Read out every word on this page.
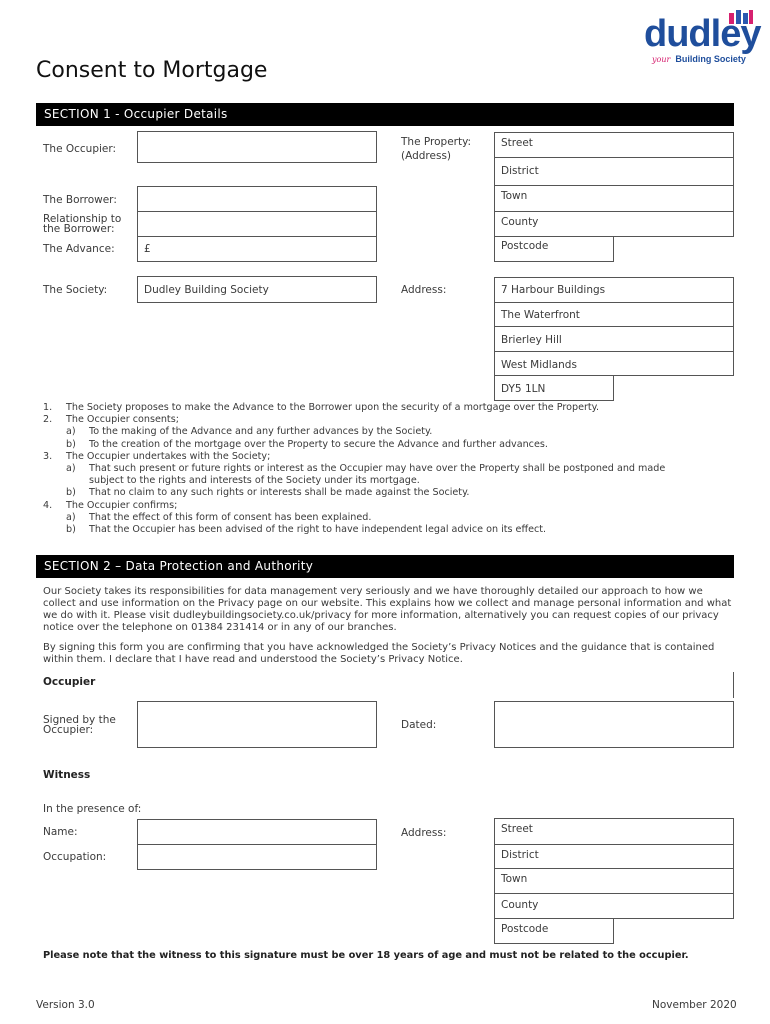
dudley
your Building Society
Consent to Mortgage
SECTION 1 - Occupier Details
The Occupier:
The Borrower:
Relationship to
the Borrower:
The Advance:	£
The Society:	Dudley Building Society
The Property:
(Address)
Street
District
Town
County
Postcode
Address:	7 Harbour Buildings
The Waterfront
Brierley Hill
West Midlands
DY5 1LN
1. The Society proposes to make the Advance to the Borrower upon the security of a mortgage over the Property.
2. The Occupier consents;
a) To the making of the Advance and any further advances by the Society.
b) To the creation of the mortgage over the Property to secure the Advance and further advances.
3. The Occupier undertakes with the Society;
a) That such present or future rights or interest as the Occupier may have over the Property shall be postponed and made
subject to the rights and interests of the Society under its mortgage.
b) That no claim to any such rights or interests shall be made against the Society.
4. The Occupier confirms;
a) That the effect of this form of consent has been explained.
b) That the Occupier has been advised of the right to have independent legal advice on its effect.
SECTION 2 – Data Protection and Authority
Our Society takes its responsibilities for data management very seriously and we have thoroughly detailed our approach to how we collect and use information on the Privacy page on our website. This explains how we collect and manage personal information and what we do with it. Please visit dudleybuildingsociety.co.uk/privacy for more information, alternatively you can request copies of our privacy notice over the telephone on 01384 231414 or in any of our branches.
By signing this form you are confirming that you have acknowledged the Society’s Privacy Notices and the guidance that is contained within them. I declare that I have read and understood the Society’s Privacy Notice.
Occupier
Signed by the
Occupier:	Dated:
Witness
In the presence of:
Name:
Occupation:
Address:	Street
District
Town
County
Postcode
Please note that the witness to this signature must be over 18 years of age and must not be related to the occupier.
Version 3.0	November 2020
